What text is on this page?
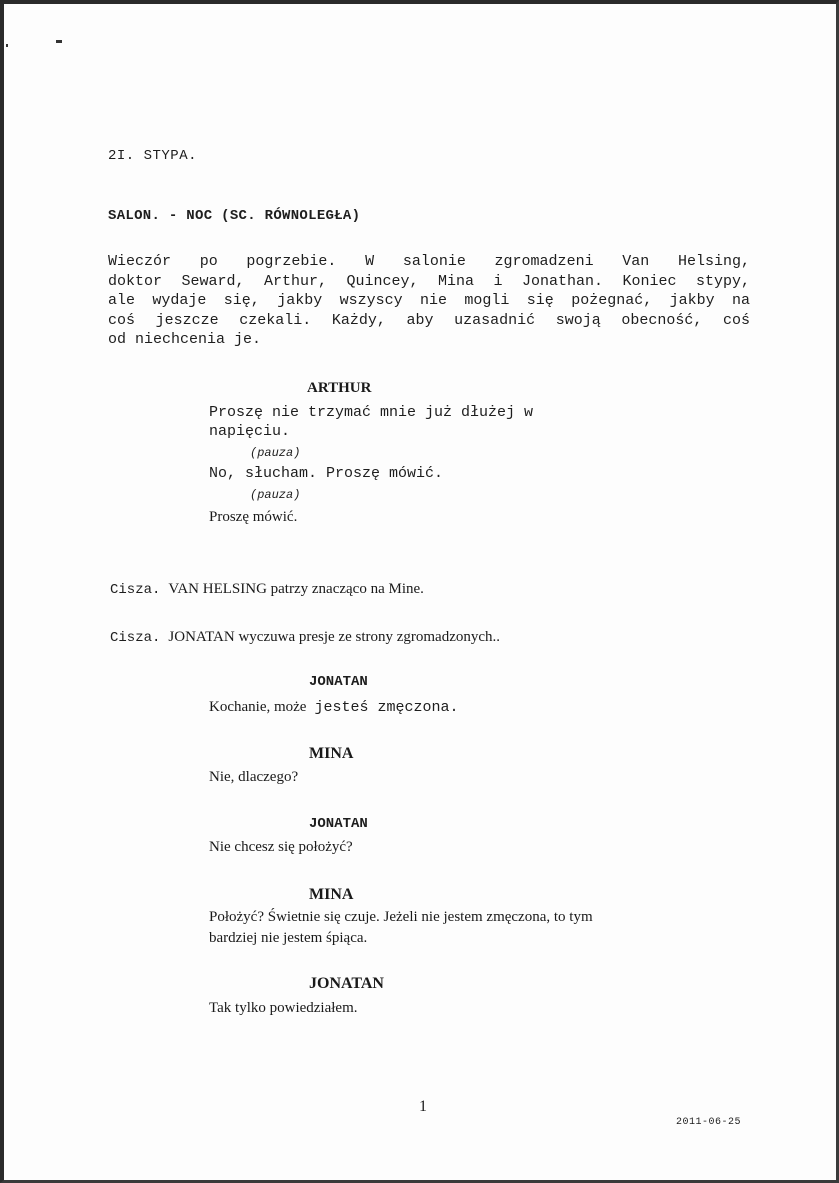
2I. STYPA.
SALON. - NOC (SC. RÓWNOLEGŁA)
Wieczór po pogrzebie. W salonie zgromadzeni Van Helsing,
doktor Seward, Arthur, Quincey, Mina i Jonathan. Koniec stypy,
ale wydaje się, jakby wszyscy nie mogli się pożegnać, jakby na
coś jeszcze czekali. Każdy, aby uzasadnić swoją obecność, coś
od niechcenia je.
ARTHUR
Proszę nie trzymać mnie już dłużej w
napięciu.
(pauza)
No, słucham. Proszę mówić.
(pauza)
Proszę mówić.
Cisza. VAN HELSING patrzy znacząco na Mine.
Cisza. JONATAN wyczuwa presje ze strony zgromadzonych..
JONATAN
Kochanie, może jesteś zmęczona.
MINA
Nie, dlaczego?
JONATAN
Nie chcesz się położyć?
MINA
Położyć? Świetnie się czuje. Jeżeli nie jestem zmęczona, to tym
bardziej nie jestem śpiąca.
JONATAN
Tak tylko powiedziałem.
1
2011-06-25
